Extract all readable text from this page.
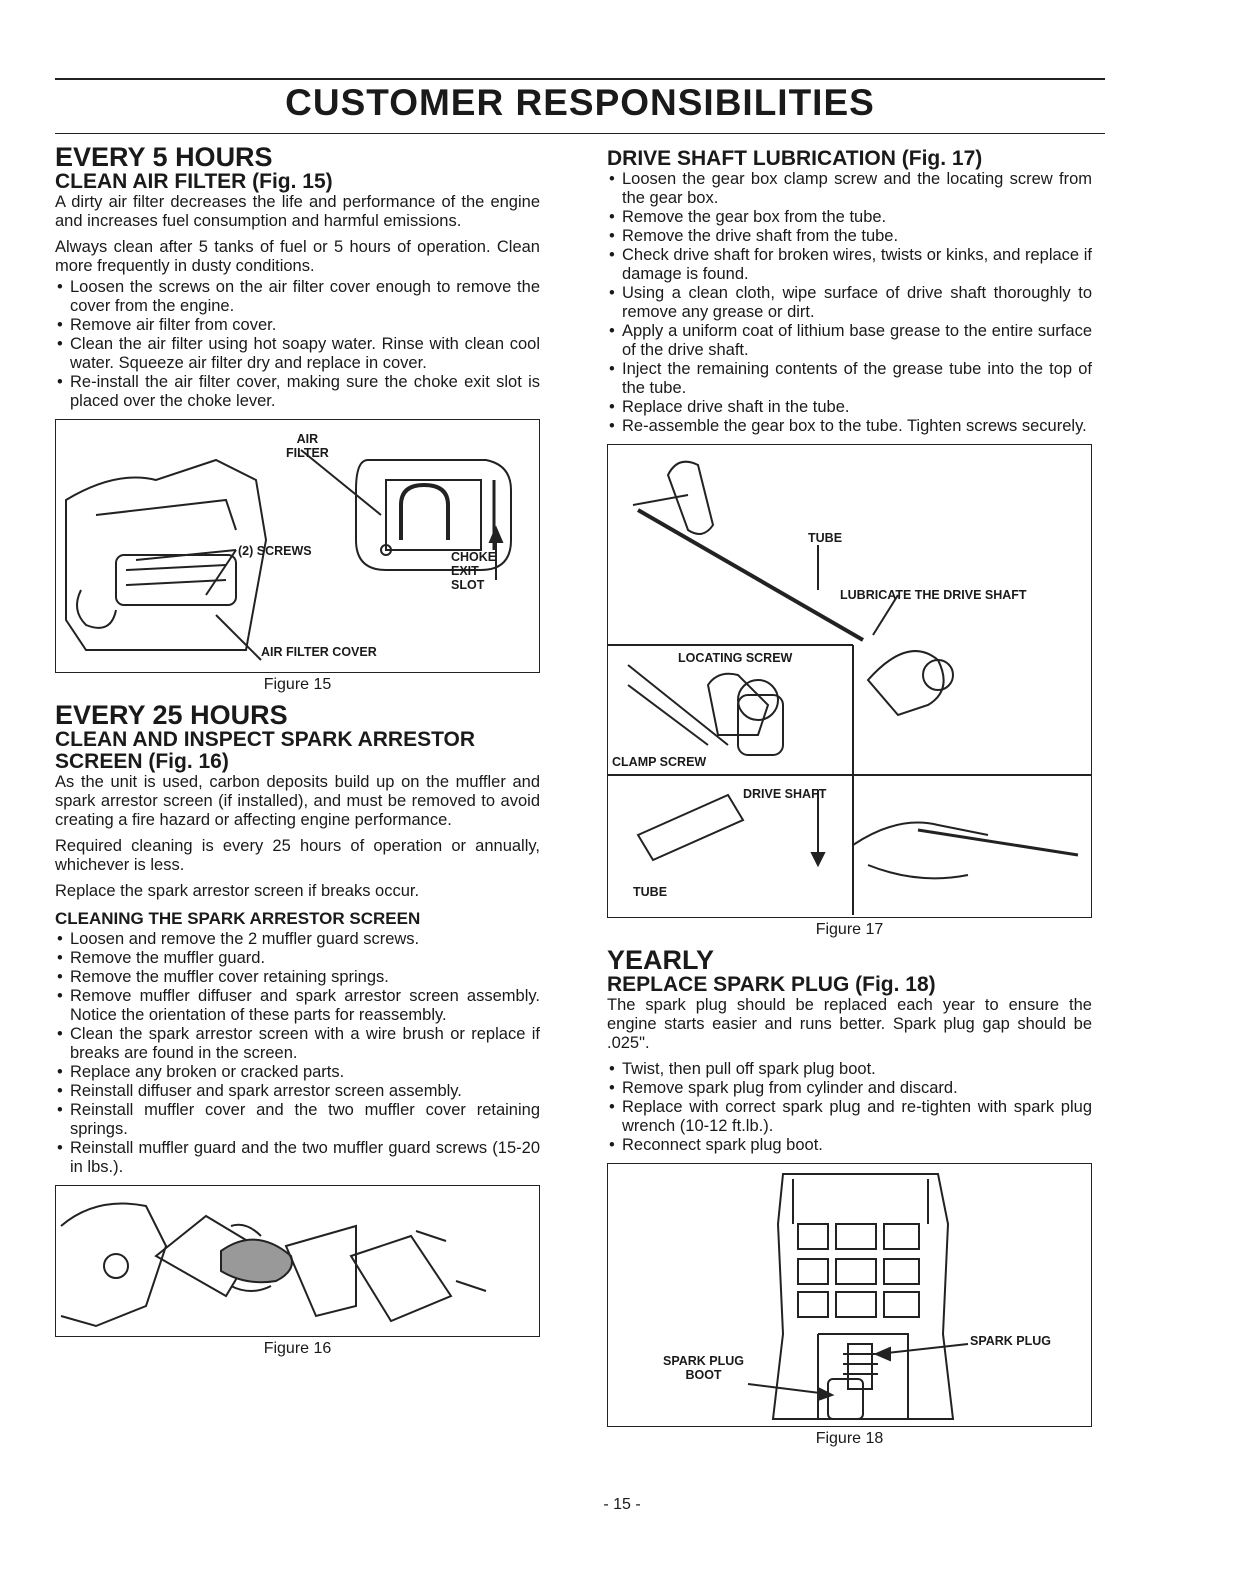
CUSTOMER RESPONSIBILITIES
EVERY 5 HOURS
CLEAN AIR FILTER (Fig. 15)

A dirty air filter decreases the life and performance of the engine and increases fuel consumption and harmful emissions.

Always clean after 5 tanks of fuel or 5 hours of operation. Clean more frequently in dusty conditions.

• Loosen the screws on the air filter cover enough to remove the cover from the engine.
• Remove air filter from cover.
• Clean the air filter using hot soapy water. Rinse with clean cool water. Squeeze air filter dry and replace in cover.
• Re-install the air filter cover, making sure the choke exit slot is placed over the choke lever.
AIR
FILTER
(2) SCREWS	CHOKE
EXIT
SLOT
AIR FILTER COVER
Figure 15
EVERY 25 HOURS
CLEAN AND INSPECT SPARK ARRESTOR
SCREEN (Fig. 16)

As the unit is used, carbon deposits build up on the muffler and spark arrestor screen (if installed), and must be removed to avoid creating a fire hazard or affecting engine performance.

Required cleaning is every 25 hours of operation or annually, whichever is less.

Replace the spark arrestor screen if breaks occur.

CLEANING THE SPARK ARRESTOR SCREEN
• Loosen and remove the 2 muffler guard screws.
• Remove the muffler guard.
• Remove the muffler cover retaining springs.
• Remove muffler diffuser and spark arrestor screen assembly. Notice the orientation of these parts for reassembly.
• Clean the spark arrestor screen with a wire brush or replace if breaks are found in the screen.
• Replace any broken or cracked parts.
• Reinstall diffuser and spark arrestor screen assembly.
• Reinstall muffler cover and the two muffler cover retaining springs.
• Reinstall muffler guard and the two muffler guard screws (15-20 in lbs.).
Figure 16
DRIVE SHAFT LUBRICATION (Fig. 17)
• Loosen the gear box clamp screw and the locating screw from the gear box.
• Remove the gear box from the tube.
• Remove the drive shaft from the tube.
• Check drive shaft for broken wires, twists or kinks, and replace if damage is found.
• Using a clean cloth, wipe surface of drive shaft thoroughly to remove any grease or dirt.
• Apply a uniform coat of lithium base grease to the entire surface of the drive shaft.
• Inject the remaining contents of the grease tube into the top of the tube.
• Replace drive shaft in the tube.
• Re-assemble the gear box to the tube. Tighten screws securely.
TUBE
LUBRICATE THE DRIVE SHAFT
LOCATING SCREW
CLAMP SCREW
DRIVE SHAFT
TUBE
Figure 17
YEARLY
REPLACE SPARK PLUG (Fig. 18)

The spark plug should be replaced each year to ensure the engine starts easier and runs better. Spark plug gap should be .025".

• Twist, then pull off spark plug boot.
• Remove spark plug from cylinder and discard.
• Replace with correct spark plug and re-tighten with spark plug wrench (10-12 ft.lb.).
• Reconnect spark plug boot.
SPARK PLUG
BOOT
SPARK PLUG
Figure 18
- 15 -
